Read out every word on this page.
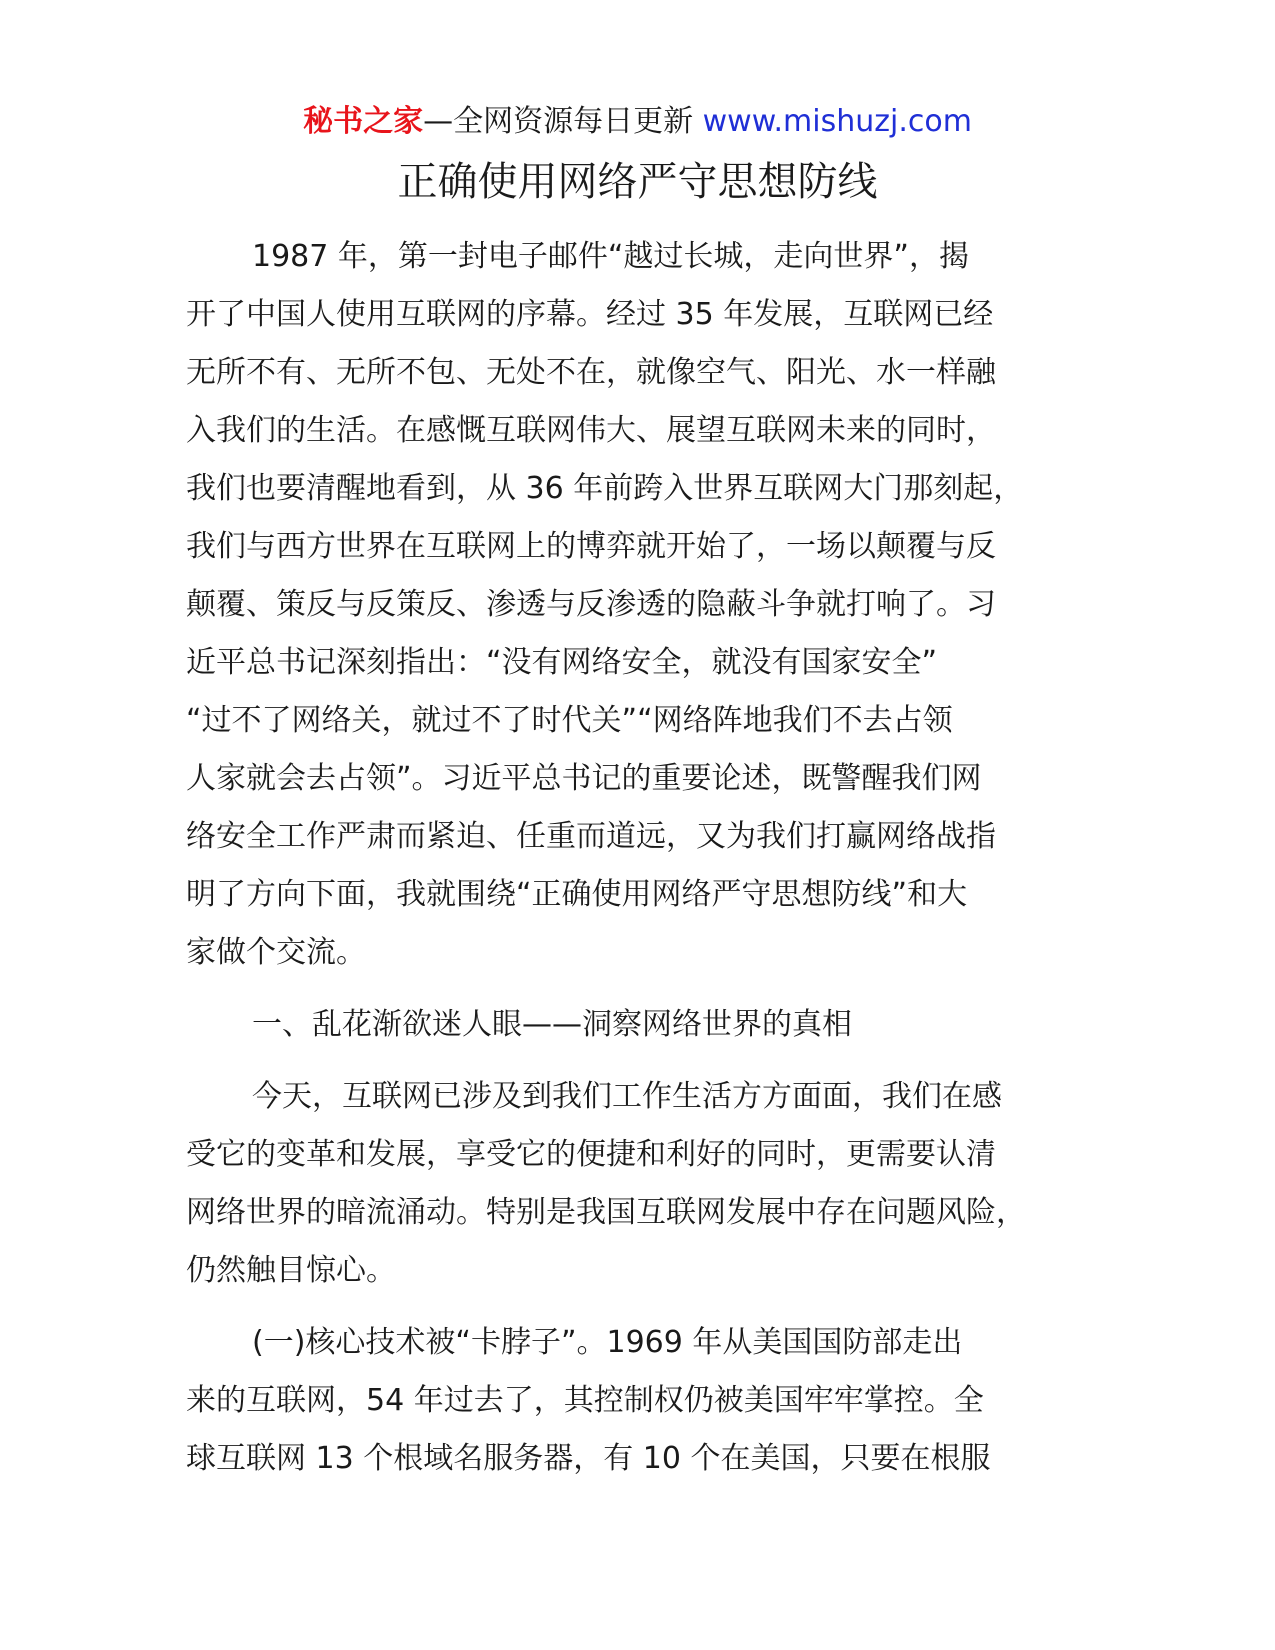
秘书之家—全网资源每日更新 www.mishuzj.com
正确使用网络严守思想防线
1987 年，第一封电子邮件“越过长城，走向世界”，揭
开了中国人使用互联网的序幕。经过 35 年发展，互联网已经
无所不有、无所不包、无处不在，就像空气、阳光、水一样融
入我们的生活。在感慨互联网伟大、展望互联网未来的同时，
我们也要清醒地看到，从 36 年前跨入世界互联网大门那刻起，
我们与西方世界在互联网上的博弈就开始了，一场以颠覆与反
颠覆、策反与反策反、渗透与反渗透的隐蔽斗争就打响了。习
近平总书记深刻指出：“没有网络安全，就没有国家安全”
“过不了网络关，就过不了时代关”“网络阵地我们不去占领
人家就会去占领”。习近平总书记的重要论述，既警醒我们网
络安全工作严肃而紧迫、任重而道远，又为我们打赢网络战指
明了方向下面，我就围绕“正确使用网络严守思想防线”和大
家做个交流。
一、乱花渐欲迷人眼——洞察网络世界的真相
今天，互联网已涉及到我们工作生活方方面面，我们在感
受它的变革和发展，享受它的便捷和利好的同时，更需要认清
网络世界的暗流涌动。特别是我国互联网发展中存在问题风险，
仍然触目惊心。
(一)核心技术被“卡脖子”。1969 年从美国国防部走出
来的互联网，54 年过去了，其控制权仍被美国牢牢掌控。全
球互联网 13 个根域名服务器，有 10 个在美国，只要在根服
